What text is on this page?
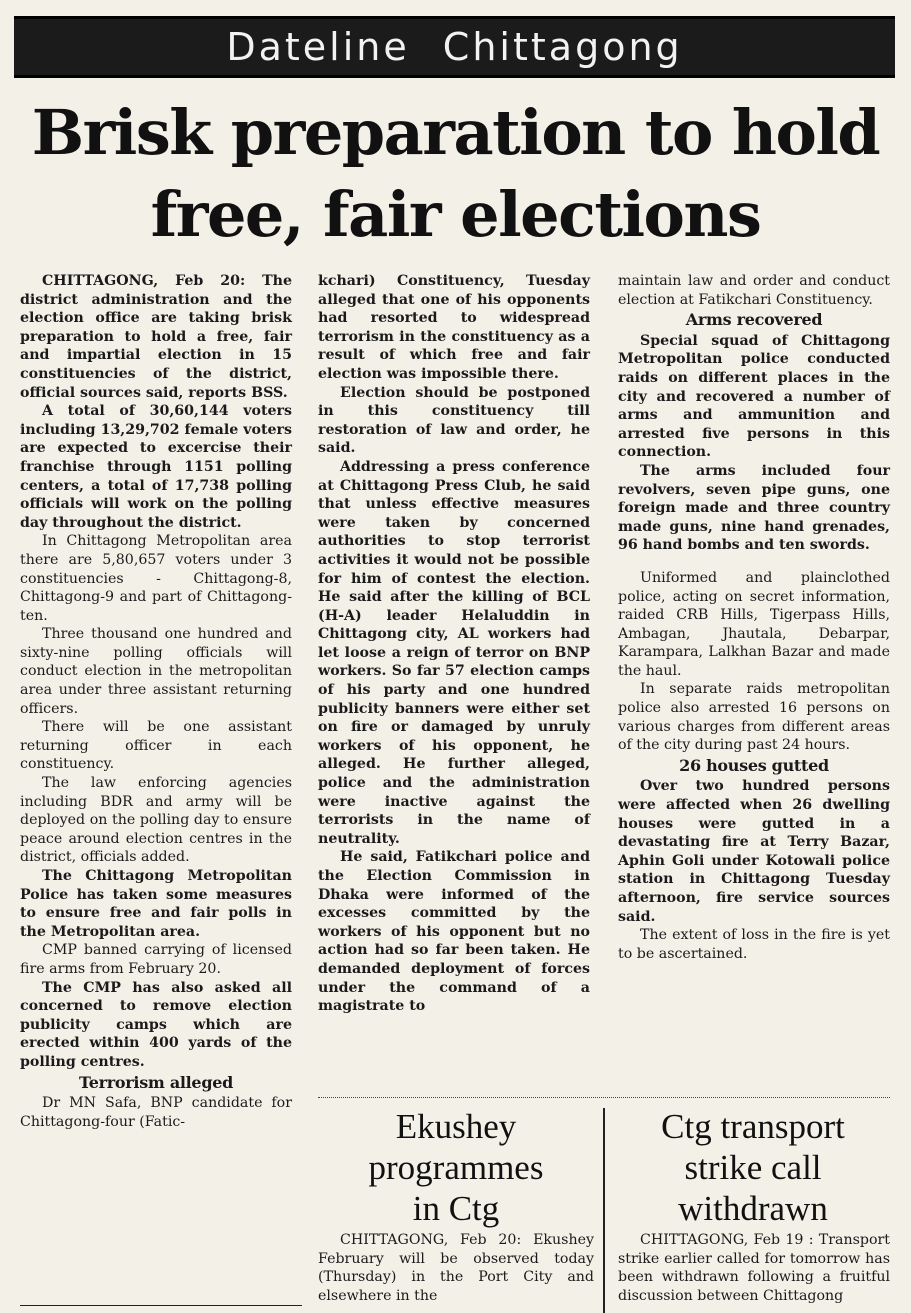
Dateline Chittagong
Brisk preparation to hold
free, fair elections

CHITTAGONG, Feb 20: The district administration and the election office are taking brisk preparation to hold a free, fair and impartial election in 15 constituencies of the district, official sources said, reports BSS.

A total of 30,60,144 voters including 13,29,702 female voters are expected to excercise their franchise through 1151 polling centers, a total of 17,738 polling officials will work on the polling day throughout the district.

In Chittagong Metropolitan area there are 5,80,657 voters under 3 constituencies - Chittagong-8, Chittagong-9 and part of Chittagong-ten.

Three thousand one hundred and sixty-nine polling officials will conduct election in the metropolitan area under three assistant returning officers.

There will be one assistant returning officer in each constituency.

The law enforcing agencies including BDR and army will be deployed on the polling day to ensure peace around election centres in the district, officials added.

The Chittagong Metropolitan Police has taken some measures to ensure free and fair polls in the Metropolitan area.

CMP banned carrying of licensed fire arms from February 20.

The CMP has also asked all concerned to remove election publicity camps which are erected within 400 yards of the polling centres.

Terrorism alleged

Dr MN Safa, BNP candidate for Chittagong-four (Fatic-

kchari) Constituency, Tuesday alleged that one of his opponents had resorted to widespread terrorism in the constituency as a result of which free and fair election was impossible there.

Election should be postponed in this constituency till restoration of law and order, he said.

Addressing a press conference at Chittagong Press Club, he said that unless effective measures were taken by concerned authorities to stop terrorist activities it would not be possible for him of contest the election. He said after the killing of BCL (H-A) leader Helaluddin in Chittagong city, AL workers had let loose a reign of terror on BNP workers. So far 57 election camps of his party and one hundred publicity banners were either set on fire or damaged by unruly workers of his opponent, he alleged. He further alleged, police and the administration were inactive against the terrorists in the name of neutrality.

He said, Fatikchari police and the Election Commission in Dhaka were informed of the excesses committed by the workers of his opponent but no action had so far been taken. He demanded deployment of forces under the command of a magistrate to

maintain law and order and conduct election at Fatikchari Constituency.

Arms recovered

Special squad of Chittagong Metropolitan police conducted raids on different places in the city and recovered a number of arms and ammunition and arrested five persons in this connection.

The arms included four revolvers, seven pipe guns, one foreign made and three country made guns, nine hand grenades, 96 hand bombs and ten swords.

Uniformed and plainclothed police, acting on secret information, raided CRB Hills, Tigerpass Hills, Ambagan, Jhautala, Debarpar, Karampara, Lalkhan Bazar and made the haul.

In separate raids metropolitan police also arrested 16 persons on various charges from different areas of the city during past 24 hours.

26 houses gutted

Over two hundred persons were affected when 26 dwelling houses were gutted in a devastating fire at Terry Bazar, Aphin Goli under Kotowali police station in Chittagong Tuesday afternoon, fire service sources said.

The extent of loss in the fire is yet to be ascertained.

Ekushey
programmes
in Ctg

CHITTAGONG, Feb 20: Ekushey February will be observed today (Thursday) in the Port City and elsewhere in the

Ctg transport
strike call
withdrawn

CHITTAGONG, Feb 19 : Transport strike earlier called for tomorrow has been withdrawn following a fruitful discussion between Chittagong
